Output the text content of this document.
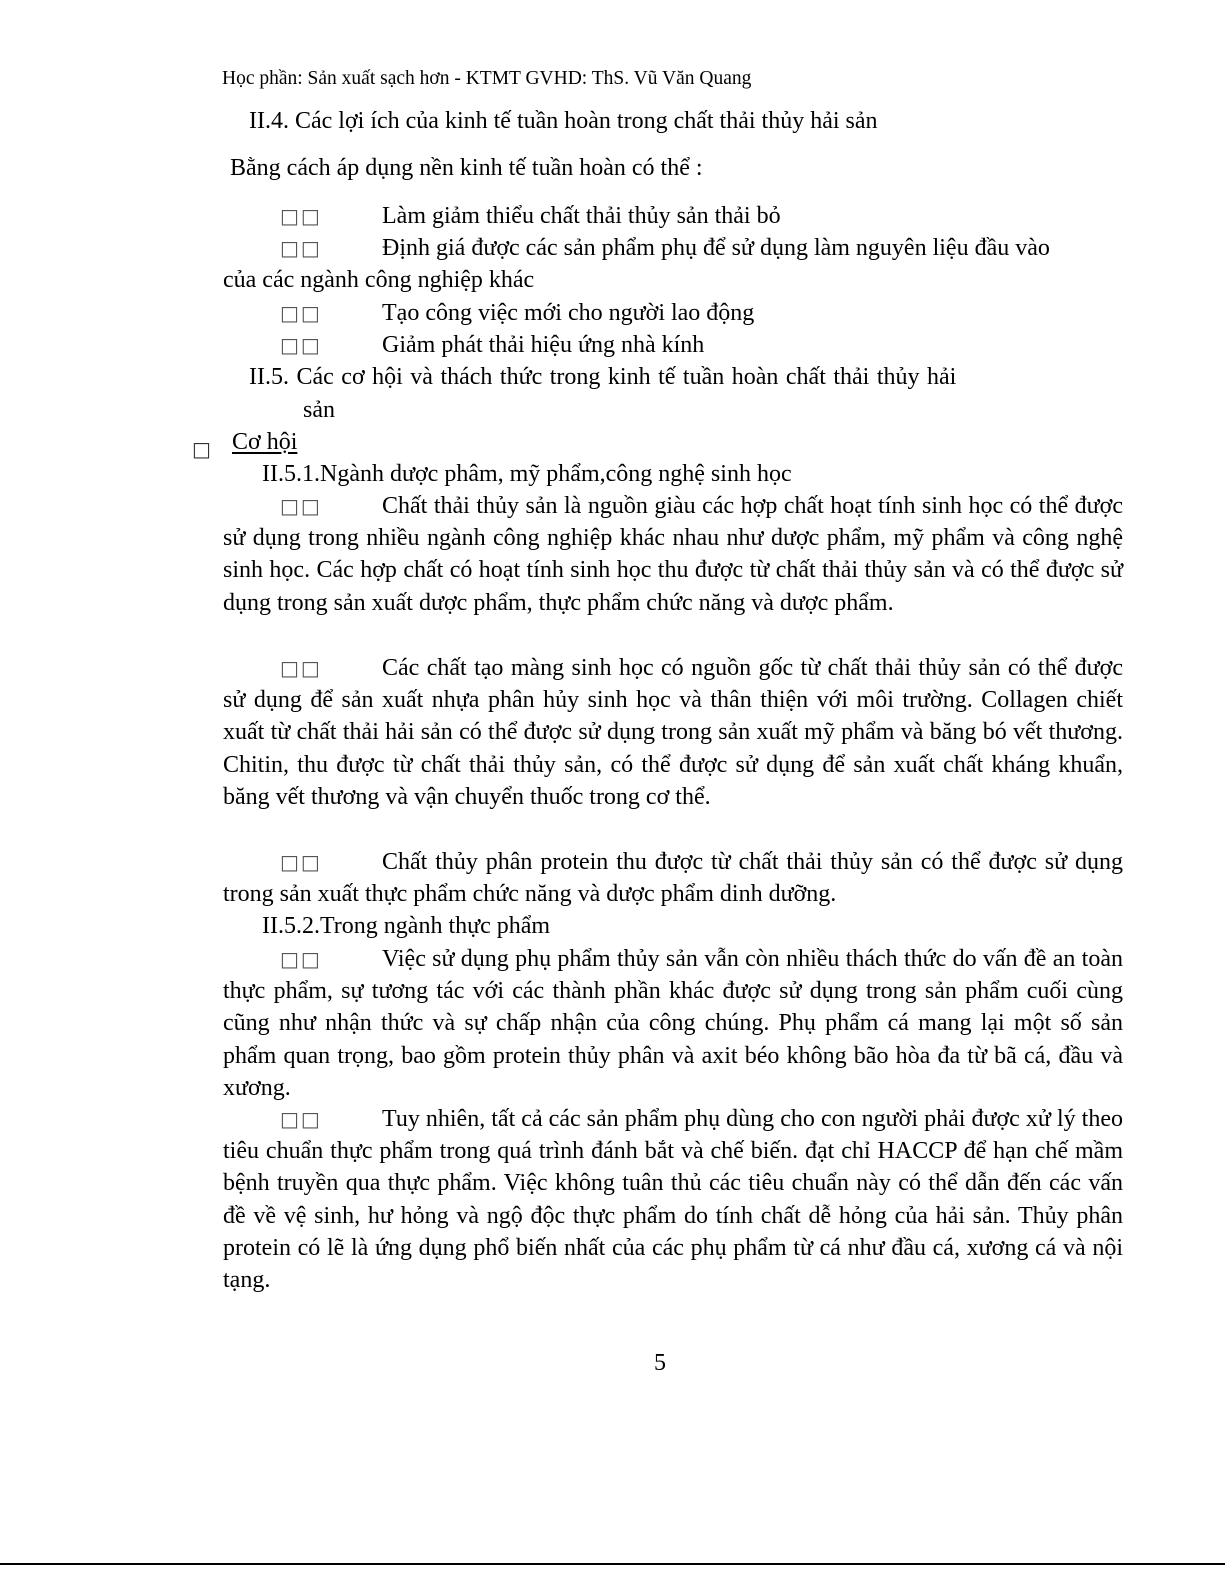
Học phần: Sản xuất sạch hơn - KTMT GVHD: ThS. Vũ Văn Quang
II.4. Các lợi ích của kinh tế tuần hoàn trong chất thải thủy hải sản
Bằng cách áp dụng nền kinh tế tuần hoàn có thể :
□□	Làm giảm thiểu chất thải thủy sản thải bỏ
□□	Định giá được các sản phẩm phụ để sử dụng làm nguyên liệu đầu vào
của các ngành công nghiệp khác
□□	Tạo công việc mới cho người lao động
□□	Giảm phát thải hiệu ứng nhà kính
II.5. Các cơ hội và thách thức trong kinh tế tuần hoàn chất thải thủy hải
sản
□ Cơ hội
II.5.1.Ngành dược phâm, mỹ phẩm,công nghệ sinh học
□□	Chất thải thủy sản là nguồn giàu các hợp chất hoạt tính sinh học có thể được sử dụng trong nhiều ngành công nghiệp khác nhau như dược phẩm, mỹ phẩm và công nghệ sinh học. Các hợp chất có hoạt tính sinh học thu được từ chất thải thủy sản và có thể được sử dụng trong sản xuất dược phẩm, thực phẩm chức năng và dược phẩm.
□□	Các chất tạo màng sinh học có nguồn gốc từ chất thải thủy sản có thể được sử dụng để sản xuất nhựa phân hủy sinh học và thân thiện với môi trường. Collagen chiết xuất từ chất thải hải sản có thể được sử dụng trong sản xuất mỹ phẩm và băng bó vết thương. Chitin, thu được từ chất thải thủy sản, có thể được sử dụng để sản xuất chất kháng khuẩn, băng vết thương và vận chuyển thuốc trong cơ thể.
□□	Chất thủy phân protein thu được từ chất thải thủy sản có thể được sử dụng trong sản xuất thực phẩm chức năng và dược phẩm dinh dưỡng.
II.5.2.Trong ngành thực phẩm
□□	Việc sử dụng phụ phẩm thủy sản vẫn còn nhiều thách thức do vấn đề an toàn thực phẩm, sự tương tác với các thành phần khác được sử dụng trong sản phẩm cuối cùng cũng như nhận thức và sự chấp nhận của công chúng. Phụ phẩm cá mang lại một số sản phẩm quan trọng, bao gồm protein thủy phân và axit béo không bão hòa đa từ bã cá, đầu và xương.
□□	Tuy nhiên, tất cả các sản phẩm phụ dùng cho con người phải được xử lý theo tiêu chuẩn thực phẩm trong quá trình đánh bắt và chế biến. đạt chỉ HACCP để hạn chế mầm bệnh truyền qua thực phẩm. Việc không tuân thủ các tiêu chuẩn này có thể dẫn đến các vấn đề về vệ sinh, hư hỏng và ngộ độc thực phẩm do tính chất dễ hỏng của hải sản. Thủy phân protein có lẽ là ứng dụng phổ biến nhất của các phụ phẩm từ cá như đầu cá, xương cá và nội tạng.
5
